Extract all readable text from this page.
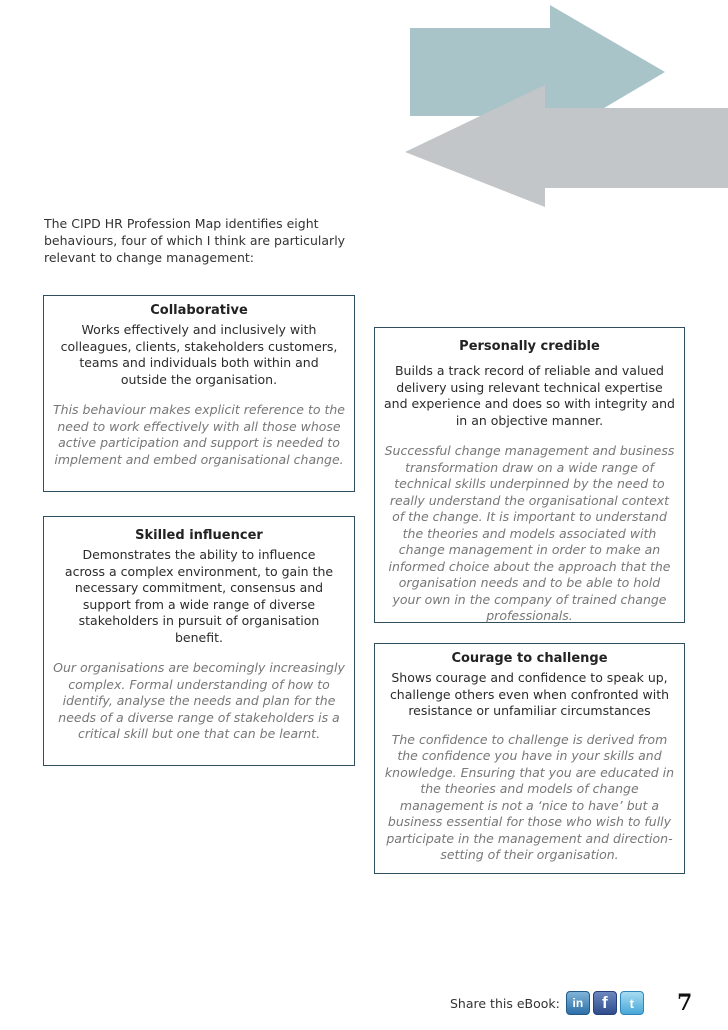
The CIPD HR Profession Map identifies eight behaviours, four of which I think are particularly relevant to change management:

Collaborative

Works effectively and inclusively with colleagues, clients, stakeholders customers, teams and individuals both within and outside the organisation.

This behaviour makes explicit reference to the need to work effectively with all those whose active participation and support is needed to implement and embed organisational change.

Skilled influencer

Demonstrates the ability to influence across a complex environment, to gain the necessary commitment, consensus and support from a wide range of diverse stakeholders in pursuit of organisation benefit.

Our organisations are becomingly increasingly complex. Formal understanding of how to identify, analyse the needs and plan for the needs of a diverse range of stakeholders is a critical skill but one that can be learnt.

Personally credible

Builds a track record of reliable and valued delivery using relevant technical expertise and experience and does so with integrity and in an objective manner.

Successful change management and business transformation draw on a wide range of technical skills underpinned by the need to really understand the organisational context of the change. It is important to understand the theories and models associated with change management in order to make an informed choice about the approach that the organisation needs and to be able to hold your own in the company of trained change professionals.

Courage to challenge

Shows courage and confidence to speak up, challenge others even when confronted with resistance or unfamiliar circumstances

The confidence to challenge is derived from the confidence you have in your skills and knowledge. Ensuring that you are educated in the theories and models of change management is not a ‘nice to have’ but a business essential for those who wish to fully participate in the management and direction-setting of their organisation.

Share this eBook:	in	f	t	7
